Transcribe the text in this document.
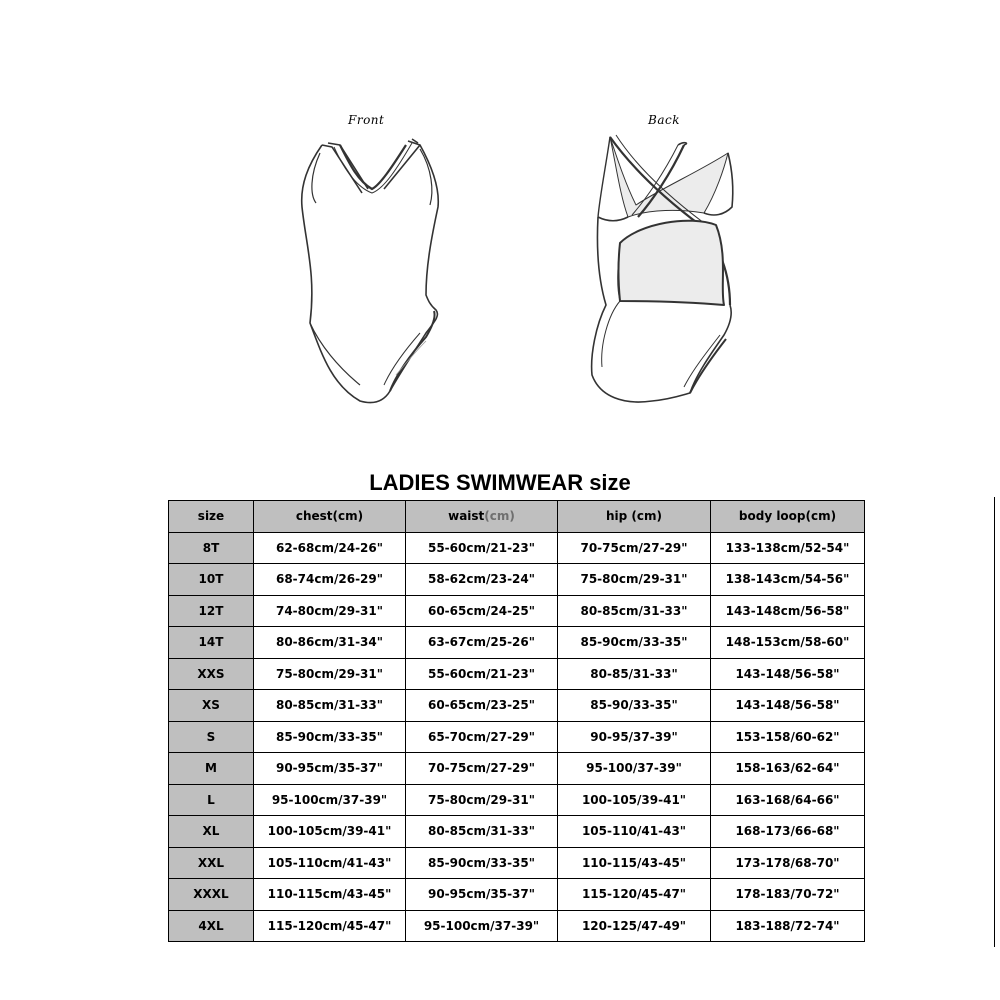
Front	Back
LADIES SWIMWEAR size
size	chest(cm)	waist(cm)	hip (cm)	body loop(cm)
8T	62-68cm/24-26"	55-60cm/21-23"	70-75cm/27-29"	133-138cm/52-54"
10T	68-74cm/26-29"	58-62cm/23-24"	75-80cm/29-31"	138-143cm/54-56"
12T	74-80cm/29-31"	60-65cm/24-25"	80-85cm/31-33"	143-148cm/56-58"
14T	80-86cm/31-34"	63-67cm/25-26"	85-90cm/33-35"	148-153cm/58-60"
XXS	75-80cm/29-31"	55-60cm/21-23"	80-85/31-33"	143-148/56-58"
XS	80-85cm/31-33"	60-65cm/23-25"	85-90/33-35"	143-148/56-58"
S	85-90cm/33-35"	65-70cm/27-29"	90-95/37-39"	153-158/60-62"
M	90-95cm/35-37"	70-75cm/27-29"	95-100/37-39"	158-163/62-64"
L	95-100cm/37-39"	75-80cm/29-31"	100-105/39-41"	163-168/64-66"
XL	100-105cm/39-41"	80-85cm/31-33"	105-110/41-43"	168-173/66-68"
XXL	105-110cm/41-43"	85-90cm/33-35"	110-115/43-45"	173-178/68-70"
XXXL	110-115cm/43-45"	90-95cm/35-37"	115-120/45-47"	178-183/70-72"
4XL	115-120cm/45-47"	95-100cm/37-39"	120-125/47-49"	183-188/72-74"
